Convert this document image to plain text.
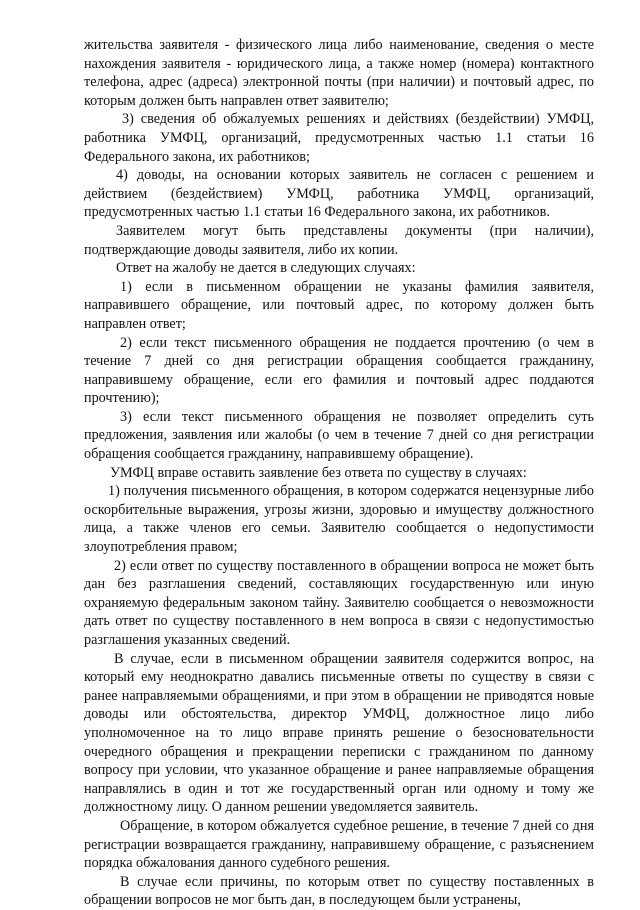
жительства заявителя - физического лица либо наименование, сведения о месте нахождения заявителя - юридического лица, а также номер (номера) контактного телефона, адрес (адреса) электронной почты (при наличии) и почтовый адрес, по которым должен быть направлен ответ заявителю;

3) сведения об обжалуемых решениях и действиях (бездействии) УМФЦ, работника УМФЦ, организаций, предусмотренных частью 1.1 статьи 16 Федерального закона, их работников;

4) доводы, на основании которых заявитель не согласен с решением и действием (бездействием) УМФЦ, работника УМФЦ, организаций, предусмотренных частью 1.1 статьи 16 Федерального закона, их работников.

Заявителем могут быть представлены документы (при наличии), подтверждающие доводы заявителя, либо их копии.

Ответ на жалобу не дается в следующих случаях:

1) если в письменном обращении не указаны фамилия заявителя, направившего обращение, или почтовый адрес, по которому должен быть направлен ответ;

2) если текст письменного обращения не поддается прочтению (о чем в течение 7 дней со дня регистрации обращения сообщается гражданину, направившему обращение, если его фамилия и почтовый адрес поддаются прочтению);

3) если текст письменного обращения не позволяет определить суть предложения, заявления или жалобы (о чем в течение 7 дней со дня регистрации обращения сообщается гражданину, направившему обращение).

УМФЦ вправе оставить заявление без ответа по существу в случаях:

1) получения письменного обращения, в котором содержатся нецензурные либо оскорбительные выражения, угрозы жизни, здоровью и имуществу должностного лица, а также членов его семьи. Заявителю сообщается о недопустимости злоупотребления правом;

2) если ответ по существу поставленного в обращении вопроса не может быть дан без разглашения сведений, составляющих государственную или иную охраняемую федеральным законом тайну. Заявителю сообщается о невозможности дать ответ по существу поставленного в нем вопроса в связи с недопустимостью разглашения указанных сведений.

В случае, если в письменном обращении заявителя содержится вопрос, на который ему неоднократно давались письменные ответы по существу в связи с ранее направляемыми обращениями, и при этом в обращении не приводятся новые доводы или обстоятельства, директор УМФЦ, должностное лицо либо уполномоченное на то лицо вправе принять решение о безосновательности очередного обращения и прекращении переписки с гражданином по данному вопросу при условии, что указанное обращение и ранее направляемые обращения направлялись в один и тот же государственный орган или одному и тому же должностному лицу. О данном решении уведомляется заявитель.

Обращение, в котором обжалуется судебное решение, в течение 7 дней со дня регистрации возвращается гражданину, направившему обращение, с разъяснением порядка обжалования данного судебного решения.

В случае если причины, по которым ответ по существу поставленных в обращении вопросов не мог быть дан, в последующем были устранены,
